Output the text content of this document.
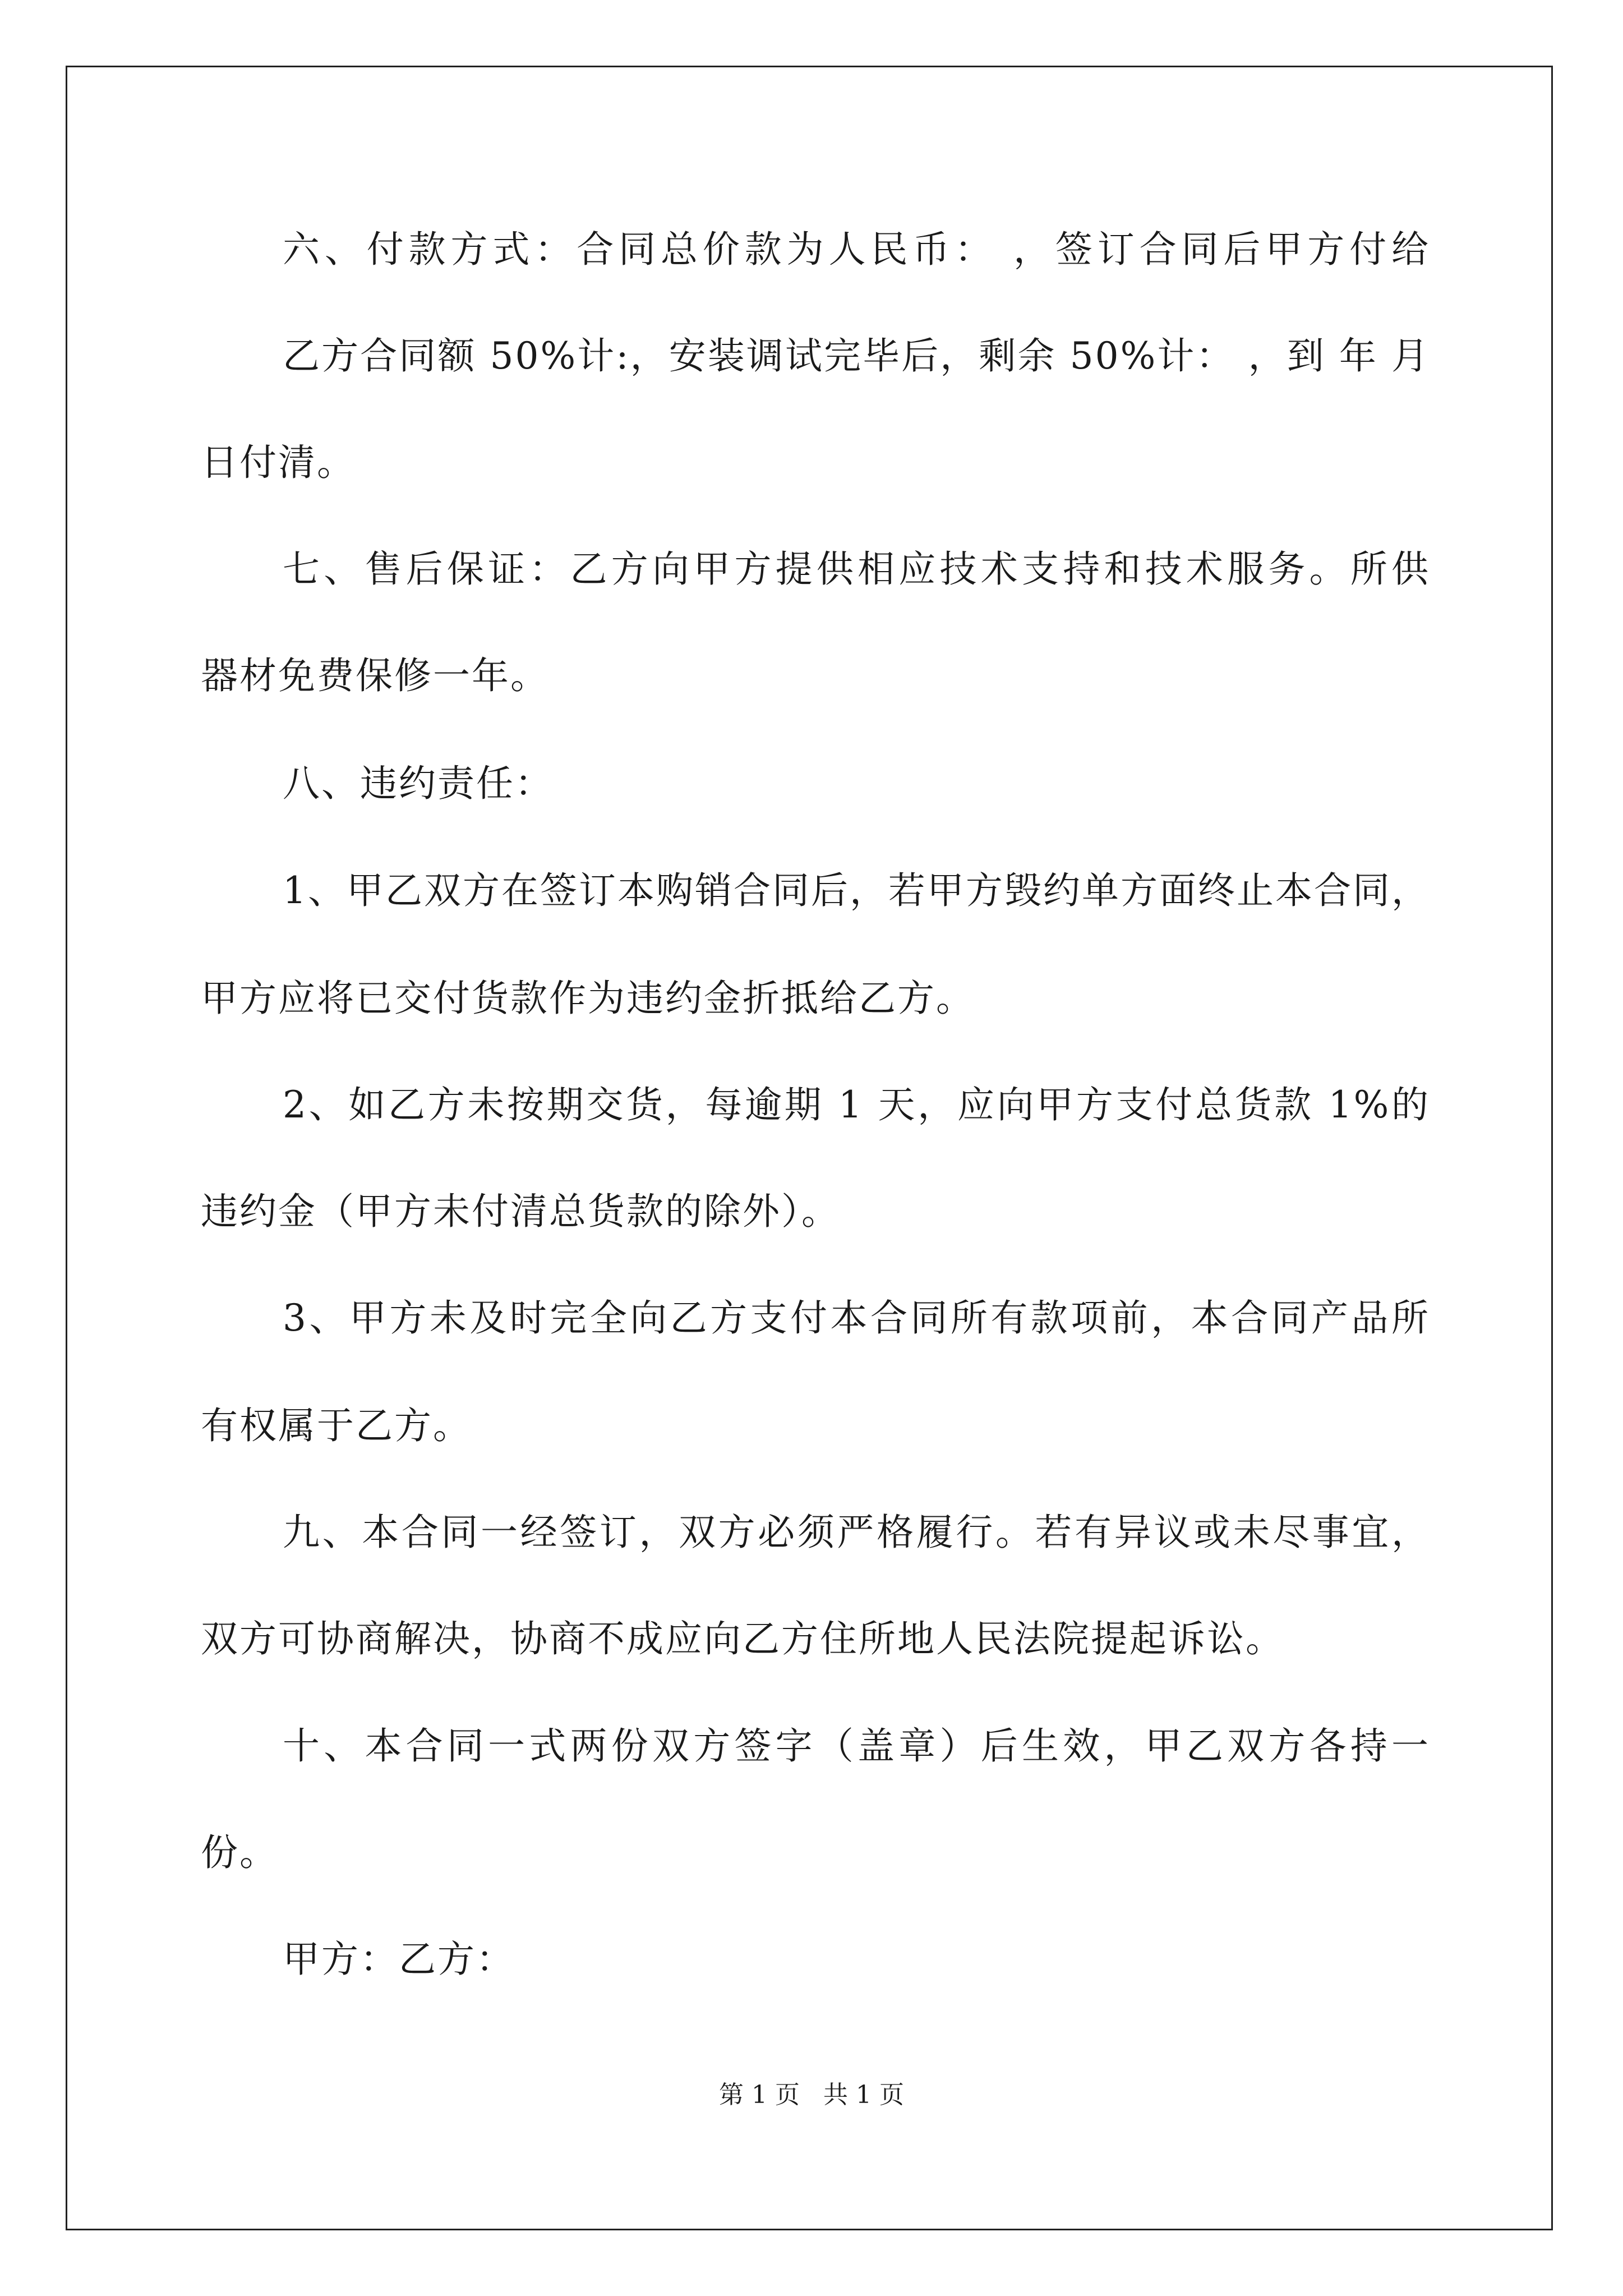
六、付款方式：合同总价款为人民币： ，签订合同后甲方付给
乙方合同额 50%计:，安装调试完毕后，剩余 50%计： ，到 年 月
日付清。
七、售后保证：乙方向甲方提供相应技术支持和技术服务。所供
器材免费保修一年。
八、违约责任：
1、甲乙双方在签订本购销合同后，若甲方毁约单方面终止本合同，
甲方应将已交付货款作为违约金折抵给乙方。
2、如乙方未按期交货，每逾期 1 天，应向甲方支付总货款 1%的
违约金（甲方未付清总货款的除外）。
3、甲方未及时完全向乙方支付本合同所有款项前，本合同产品所
有权属于乙方。
九、本合同一经签订，双方必须严格履行。若有异议或未尽事宜，
双方可协商解决，协商不成应向乙方住所地人民法院提起诉讼。
十、本合同一式两份双方签字（盖章）后生效，甲乙双方各持一
份。
甲方：乙方：
第 1 页   共 1 页
